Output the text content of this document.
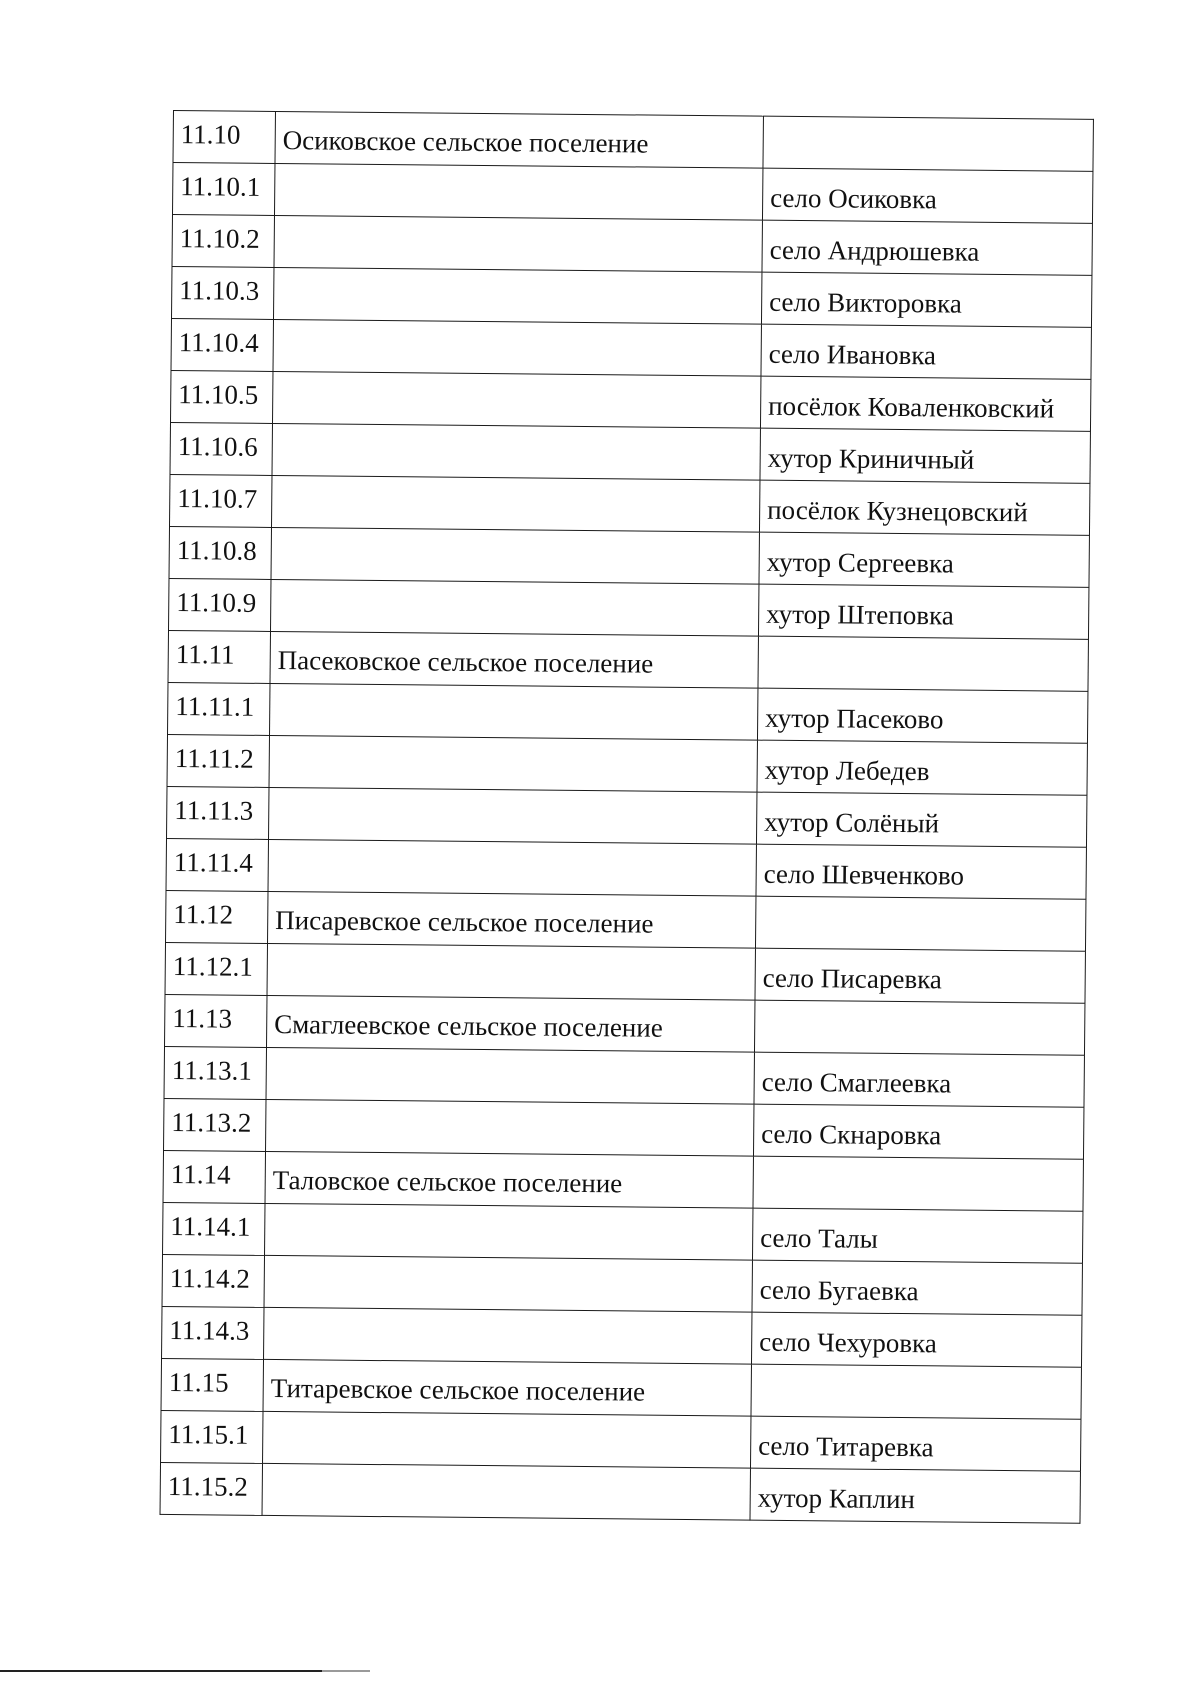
11.10	Осиковское сельское поселение	
11.10.1		село Осиковка
11.10.2		село Андрюшевка
11.10.3		село Викторовка
11.10.4		село Ивановка
11.10.5		посёлок Коваленковский
11.10.6		хутор Криничный
11.10.7		посёлок Кузнецовский
11.10.8		хутор Сергеевка
11.10.9		хутор Штеповка
11.11	Пасековское сельское поселение	
11.11.1		хутор Пасеково
11.11.2		хутор Лебедев
11.11.3		хутор Солёный
11.11.4		село Шевченково
11.12	Писаревское сельское поселение	
11.12.1		село Писаревка
11.13	Смаглеевское сельское поселение	
11.13.1		село Смаглеевка
11.13.2		село Скнаровка
11.14	Таловское сельское поселение	
11.14.1		село Талы
11.14.2		село Бугаевка
11.14.3		село Чехуровка
11.15	Титаревское сельское поселение	
11.15.1		село Титаревка
11.15.2		хутор Каплин
